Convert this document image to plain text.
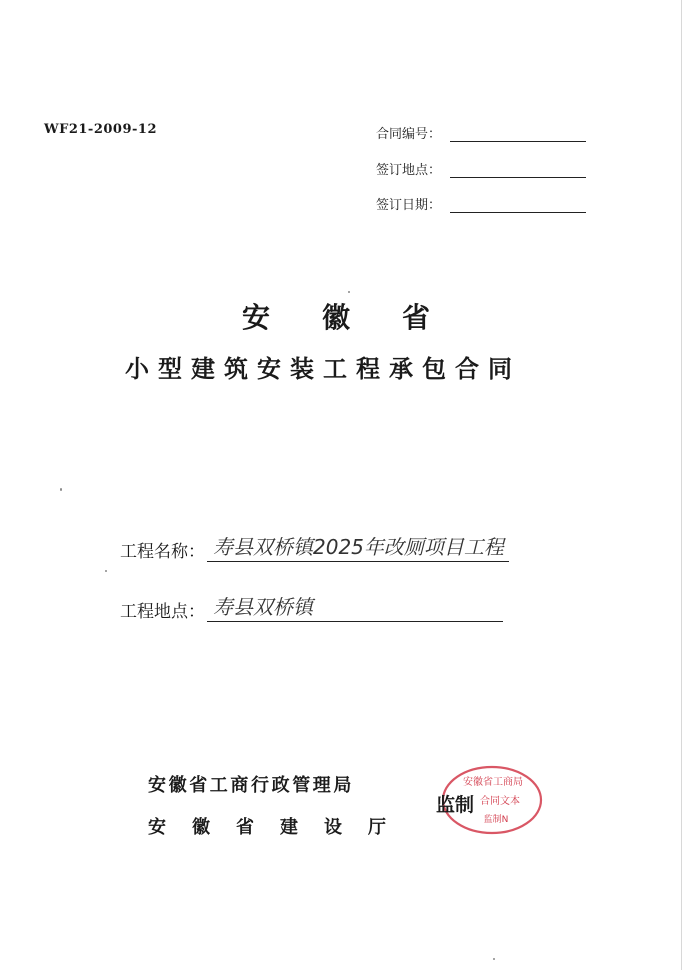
WF21-2009-12	合同编号：
签订地点：
签订日期：
安徽省
小型建筑安装工程承包合同
工程名称： 寿县双桥镇2025年改厕项目工程
工程地点： 寿县双桥镇
安徽省工商行政管理局
安徽省建设厅
安徽省工商局
合同文本
监制N
监制
